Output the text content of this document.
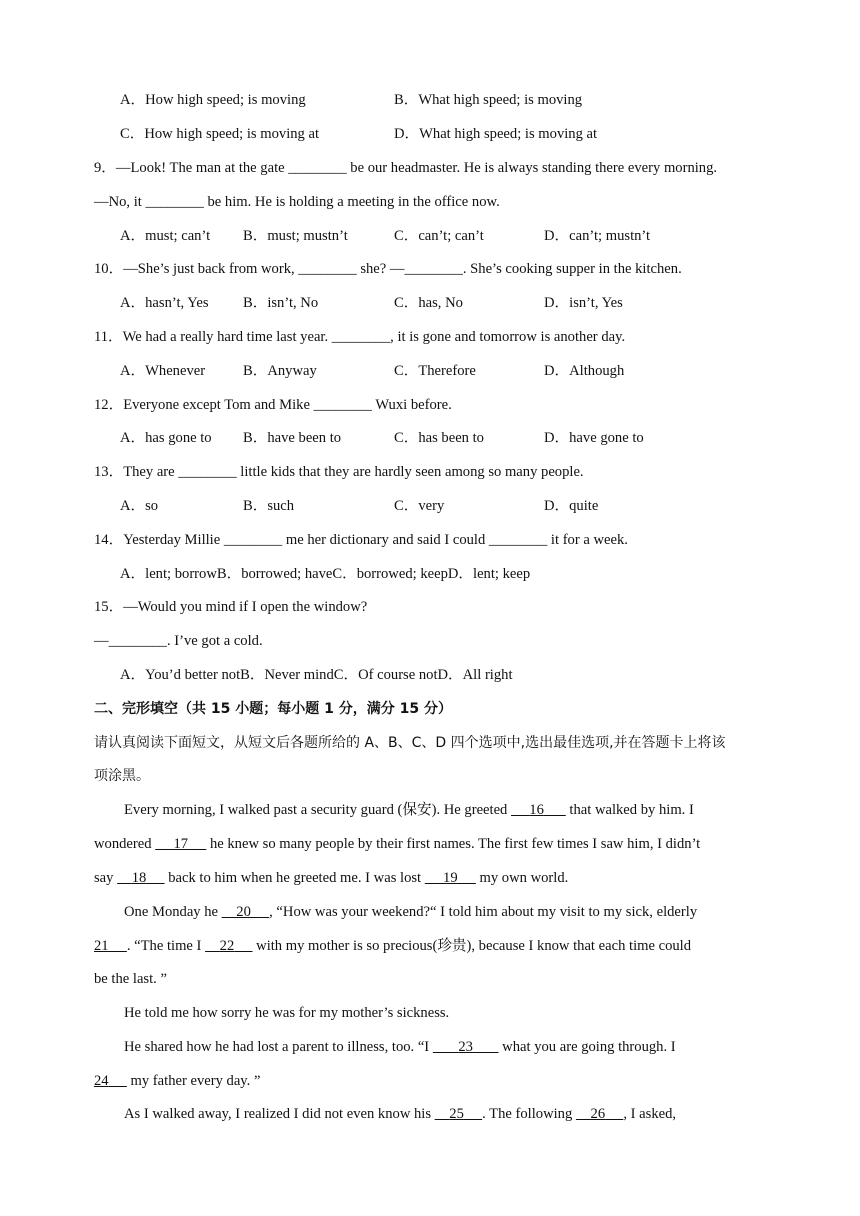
A．How high speed; is moving	B．What high speed; is moving
C．How high speed; is moving at	D．What high speed; is moving at
9．—Look! The man at the gate ________ be our headmaster. He is always standing there every morning.
—No, it ________ be him. He is holding a meeting in the office now.
A．must; can’t B．must; mustn’t	C．can’t; can’t	D．can’t; mustn’t
10．—She’s just back from work, ________ she? —________. She’s cooking supper in the kitchen.
A．hasn’t, Yes B．isn’t, No	C．has, No	D．isn’t, Yes
11．We had a really hard time last year. ________, it is gone and tomorrow is another day.
A．Whenever	B．Anyway	C．Therefore	D．Although
12．Everyone except Tom and Mike ________ Wuxi before.
A．has gone to B．have been to	C．has been to	D．have gone to
13．They are ________ little kids that they are hardly seen among so many people.
A．so	B．such	C．very	D．quite
14．Yesterday Millie ________ me her dictionary and said I could ________ it for a week.
A．lent; borrowB．borrowed; haveC．borrowed; keepD．lent; keep
15．—Would you mind if I open the window?
—________. I’ve got a cold.
A．You’d better notB．Never mindC．Of course notD．All right
二、完形填空（共 15 小题；每小题 1 分，满分 15 分）
请认真阅读下面短文，从短文后各题所给的 A、B、C、D 四个选项中,选出最佳选项,并在答题卡上将该
项涂黑。
Every morning, I walked past a security guard (保安). He greeted 16 that walked by him. I
wondered 17 he knew so many people by their first names. The first few times I saw him, I didn’t
say 18 back to him when he greeted me. I was lost 19 my own world.
One Monday he 20 , “How was your weekend?“ I told him about my visit to my sick, elderly
21 . “The time I 22 with my mother is so precious(珍贵), because I know that each time could
be the last. ”
He told me how sorry he was for my mother’s sickness.
He shared how he had lost a parent to illness, too. “I 23 what you are going through. I
24 my father every day. ”
As I walked away, I realized I did not even know his 25 . The following 26 , I asked,
